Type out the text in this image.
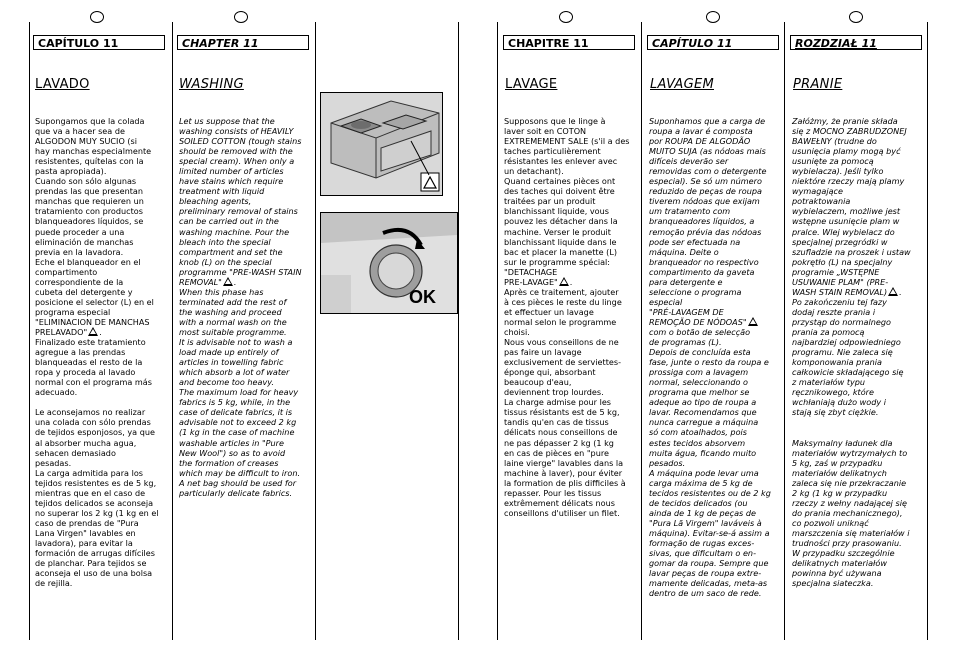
CAPÍTULO 11
LAVADO
Supongamos que la colada
que va a hacer sea de
ALGODON MUY SUCIO (si
hay manchas especialmente
resistentes, quítelas con la
pasta apropiada).
Cuando son sólo algunas
prendas las que presentan
manchas que requieren un
tratamiento con productos
blanqueadores líquidos, se
puede proceder a una
eliminación de manchas
previa en la lavadora.
Eche el blanqueador en el
compartimento
correspondiente de la
cubeta del detergente y
posicione el selector (L) en el
programa especial
"ELIMINACION DE MANCHAS
PRELAVADO" .
Finalizado este tratamiento
agregue a las prendas
blanqueadas el resto de la
ropa y proceda al lavado
normal con el programa más
adecuado.

Le aconsejamos no realizar
una colada con sólo prendas
de tejidos esponjosos, ya que
al absorber mucha agua,
sehacen demasiado
pesadas.
La carga admitida para los
tejidos resistentes es de 5 kg,
mientras que en el caso de
tejidos delicados se aconseja
no superar los 2 kg (1 kg en el
caso de prendas de "Pura
Lana Virgen" lavables en
lavadora), para evitar la
formación de arrugas difíciles
de planchar. Para tejidos se
aconseja el uso de una bolsa
de rejilla.
CHAPTER 11
WASHING
Let us suppose that the
washing consists of HEAVILY
SOILED COTTON (tough stains
should be removed with the
special cream). When only a
limited number of articles
have stains which require
treatment with liquid
bleaching agents,
preliminary removal of stains
can be carried out in the
washing machine. Pour the
bleach into the special
compartment and set the
knob (L) on the special
programme "PRE-WASH STAIN
REMOVAL" .
When this phase has
terminated add the rest of
the washing and proceed
with a normal wash on the
most suitable programme.
It is advisable not to wash a
load made up entirely of
articles in towelling fabric
which absorb a lot of water
and become too heavy.
The maximum load for heavy
fabrics is 5 kg, while, in the
case of delicate fabrics, it is
advisable not to exceed 2 kg
(1 kg in the case of machine
washable articles in "Pure
New Wool") so as to avoid
the formation of creases
which may be difficult to iron.
A net bag should be used for
particularly delicate fabrics.
OK
CHAPITRE 11
LAVAGE
Supposons que le linge à
laver soit en COTON
EXTREMEMENT SALE (s'il a des
taches particulièrement
résistantes les enlever avec
un detachant).
Quand certaines pièces ont
des taches qui doivent être
traitées par un produit
blanchissant liquide, vous
pouvez les détacher dans la
machine. Verser le produit
blanchissant liquide dans le
bac et placer la manette (L)
sur le programme spécial:
"DETACHAGE
PRE-LAVAGE" .
Après ce traitement, ajouter
à ces pièces le reste du linge
et effectuer un lavage
normal selon le programme
choisi.
Nous vous conseillons de ne
pas faire un lavage
exclusivement de serviettes-
éponge qui, absorbant
beaucoup d'eau,
deviennent trop lourdes.
La charge admise pour les
tissus résistants est de 5 kg,
tandis qu'en cas de tissus
délicats nous conseillons de
ne pas dépasser 2 kg (1 kg
en cas de pièces en "pure
laine vierge" lavables dans la
machine à laver), pour éviter
la formation de plis difficiles à
repasser. Pour les tissus
extrêmement délicats nous
conseillons d'utiliser un filet.
CAPÍTULO 11
LAVAGEM
Suponhamos que a carga de
roupa a lavar é composta
por ROUPA DE ALGODÃO
MUITO SUJA (as nódoas mais
difíceis deverão ser
removidas com o detergente
especial). Se só um número
reduzido de peças de roupa
tiverem nódoas que exijam
um tratamento com
branqueadores líquidos, a
remoção prévia das nódoas
pode ser efectuada na
máquina. Deite o
branqueador no respectivo
compartimento da gaveta
para detergente e
seleccione o programa
especial
"PRÉ-LAVAGEM DE
REMOÇÃO DE NÓDOAS"
com o botão de selecção
de programas (L).
Depois de concluída esta
fase, junte o resto da roupa e
prossiga com a lavagem
normal, seleccionando o
programa que melhor se
adeque ao tipo de roupa a
lavar. Recomendamos que
nunca carregue a máquina
só com atoalhados, pois
estes tecidos absorvem
muita água, ficando muito
pesados.
A máquina pode levar uma
carga máxima de 5 kg de
tecidos resistentes ou de 2 kg
de tecidos delicados (ou
ainda de 1 kg de peças de
"Pura Lã Virgem" laváveis à
máquina). Evitar-se-á assim a
formação de rugas exces-
sivas, que dificultam o en-
gomar da roupa. Sempre que
lavar peças de roupa extre-
mamente delicadas, meta-as
dentro de um saco de rede.
ROZDZIAŁ 11
PRANIE
Załóżmy, że pranie składa
się z MOCNO ZABRUDZONEJ
BAWEŁNY (trudne do
usunięcia plamy mogą być
usunięte za pomocą
wybielacza). Jeśli tylko
niektóre rzeczy mają plamy
wymagające
potraktowania
wybielaczem, możliwe jest
wstępne usunięcie plam w
pralce. Wlej wybielacz do
specjalnej przegródki w
szufladzie na proszek i ustaw
pokrętło (L) na specjalny
programie „WSTĘPNE
USUWANIE PLAM" (PRE-
WASH STAIN REMOVAL) .
Po zakończeniu tej fazy
dodaj reszte prania i
przystąp do normalnego
prania za pomocą
najbardziej odpowiedniego
programu. Nie zaleca się
komponowania prania
całkowicie składającego się
z materiałów typu
ręcznikowego, które
wchłaniają dużo wody i
stają się zbyt ciężkie.

Maksymalny ładunek dla
materiałów wytrzymałych to
5 kg, zaś w przypadku
materiałów delikatnych
zaleca się nie przekraczanie
2 kg (1 kg w przypadku
rzeczy z wełny nadającej się
do prania mechanicznego),
co pozwoli uniknąć
marszczenia się materiałów i
trudności przy prasowaniu.
W przypadku szczególnie
delikatnych materiałów
powinna być używana
specjalna siateczka.
